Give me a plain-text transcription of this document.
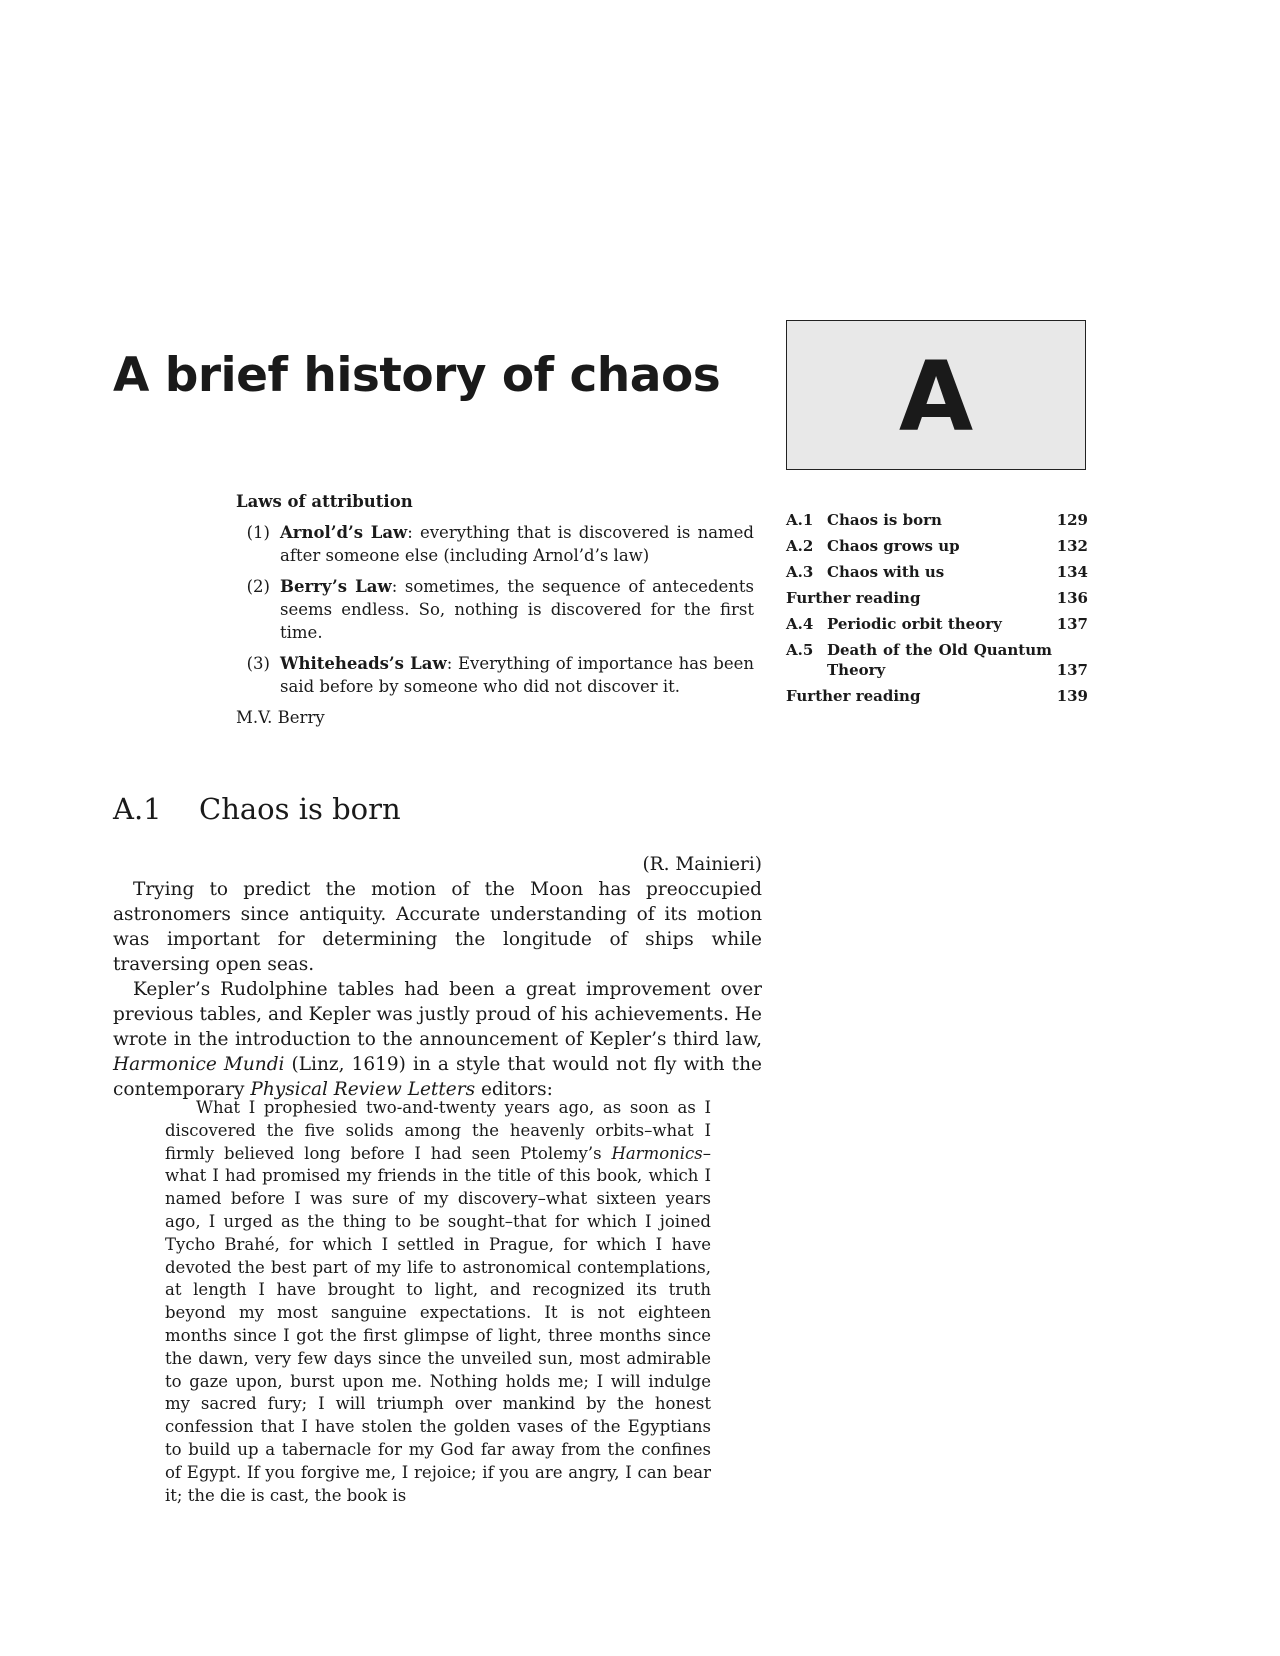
A brief history of chaos A
A.1 Chaos is born	129
A.2 Chaos grows up	132
A.3 Chaos with us	134
Further reading	136
A.4 Periodic orbit theory	137
A.5 Death of the Old Quantum
Theory	137
Further reading	139
Laws of attribution
(1) Arnol’d’s Law: everything that is discovered is named after someone else (including Arnol’d’s law)
(2) Berry’s Law: sometimes, the sequence of antecedents seems endless. So, nothing is discovered for the first time.
(3) Whiteheads’s Law: Everything of importance has been said before by someone who did not discover it.
M.V. Berry
A.1 Chaos is born
(R. Mainieri)

Trying to predict the motion of the Moon has preoccupied astronomers since antiquity. Accurate understanding of its motion was important for determining the longitude of ships while traversing open seas.

Kepler’s Rudolphine tables had been a great improvement over previous tables, and Kepler was justly proud of his achievements. He wrote in the introduction to the announcement of Kepler’s third law, Harmonice Mundi (Linz, 1619) in a style that would not fly with the contemporary Physical Review Letters editors:

What I prophesied two-and-twenty years ago, as soon as I discovered the five solids among the heavenly orbits–what I firmly believed long before I had seen Ptolemy’s Harmonics–what I had promised my friends in the title of this book, which I named before I was sure of my discovery–what sixteen years ago, I urged as the thing to be sought–that for which I joined Tycho Brahé, for which I settled in Prague, for which I have devoted the best part of my life to astronomical contemplations, at length I have brought to light, and recognized its truth beyond my most sanguine expectations. It is not eighteen months since I got the first glimpse of light, three months since the dawn, very few days since the unveiled sun, most admirable to gaze upon, burst upon me. Nothing holds me; I will indulge my sacred fury; I will triumph over mankind by the honest confession that I have stolen the golden vases of the Egyptians to build up a tabernacle for my God far away from the confines of Egypt. If you forgive me, I rejoice; if you are angry, I can bear it; the die is cast, the book is
